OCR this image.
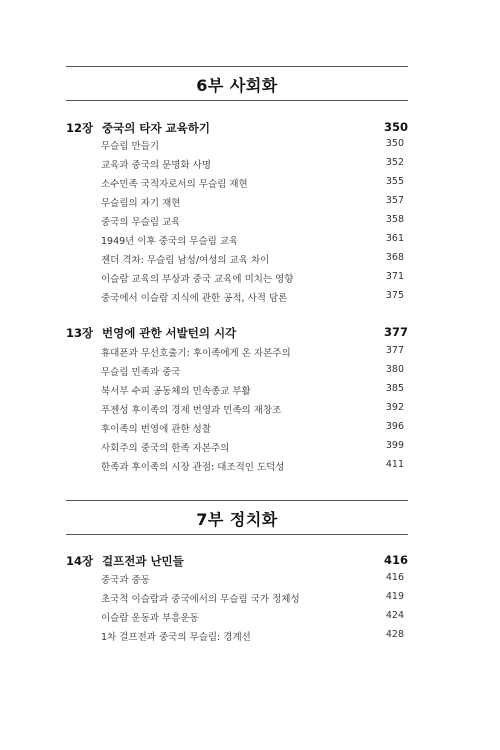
6부 사회화
12장 중국의 타자 교육하기	350
무슬림 만들기	350
교육과 중국의 문명화 사명	352
소수민족 국적자로서의 무슬림 재현	355
무슬림의 자기 재현	357
중국의 무슬림 교육	358
1949년 이후 중국의 무슬림 교육	361
젠더 격차: 무슬림 남성/여성의 교육 차이	368
이슬람 교육의 부상과 중국 교육에 미치는 영향	371
중국에서 이슬람 지식에 관한 공적, 사적 담론	375
13장 번영에 관한 서발턴의 시각	377
휴대폰과 무선호출기: 후이족에게 온 자본주의	377
무슬림 민족과 중국	380
북서부 수피 공동체의 민속종교 부활	385
푸젠성 후이족의 경제 번영과 민족의 재창조	392
후이족의 번영에 관한 성찰	396
사회주의 중국의 한족 자본주의	399
한족과 후이족의 시장 관점: 대조적인 도덕성	411
7부 정치화
14장 걸프전과 난민들	416
중국과 중동	416
초국적 이슬람과 중국에서의 무슬림 국가 정체성	419
이슬람 운동과 부흥운동	424
1차 걸프전과 중국의 무슬림: 경계선	428
